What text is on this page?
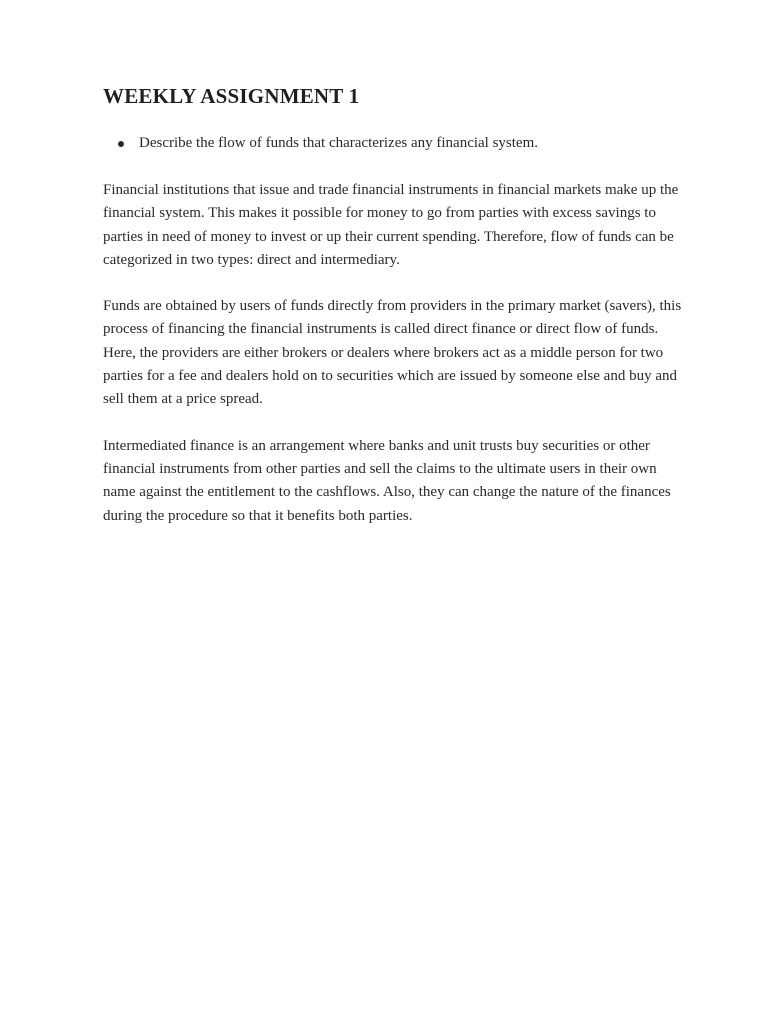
WEEKLY ASSIGNMENT 1
Describe the flow of funds that characterizes any financial system.

Financial institutions that issue and trade financial instruments in financial markets make up the financial system. This makes it possible for money to go from parties with excess savings to parties in need of money to invest or up their current spending. Therefore, flow of funds can be categorized in two types: direct and intermediary.

Funds are obtained by users of funds directly from providers in the primary market (savers), this process of financing the financial instruments is called direct finance or direct flow of funds. Here, the providers are either brokers or dealers where brokers act as a middle person for two parties for a fee and dealers hold on to securities which are issued by someone else and buy and sell them at a price spread.

Intermediated finance is an arrangement where banks and unit trusts buy securities or other financial instruments from other parties and sell the claims to the ultimate users in their own name against the entitlement to the cashflows. Also, they can change the nature of the finances during the procedure so that it benefits both parties.
